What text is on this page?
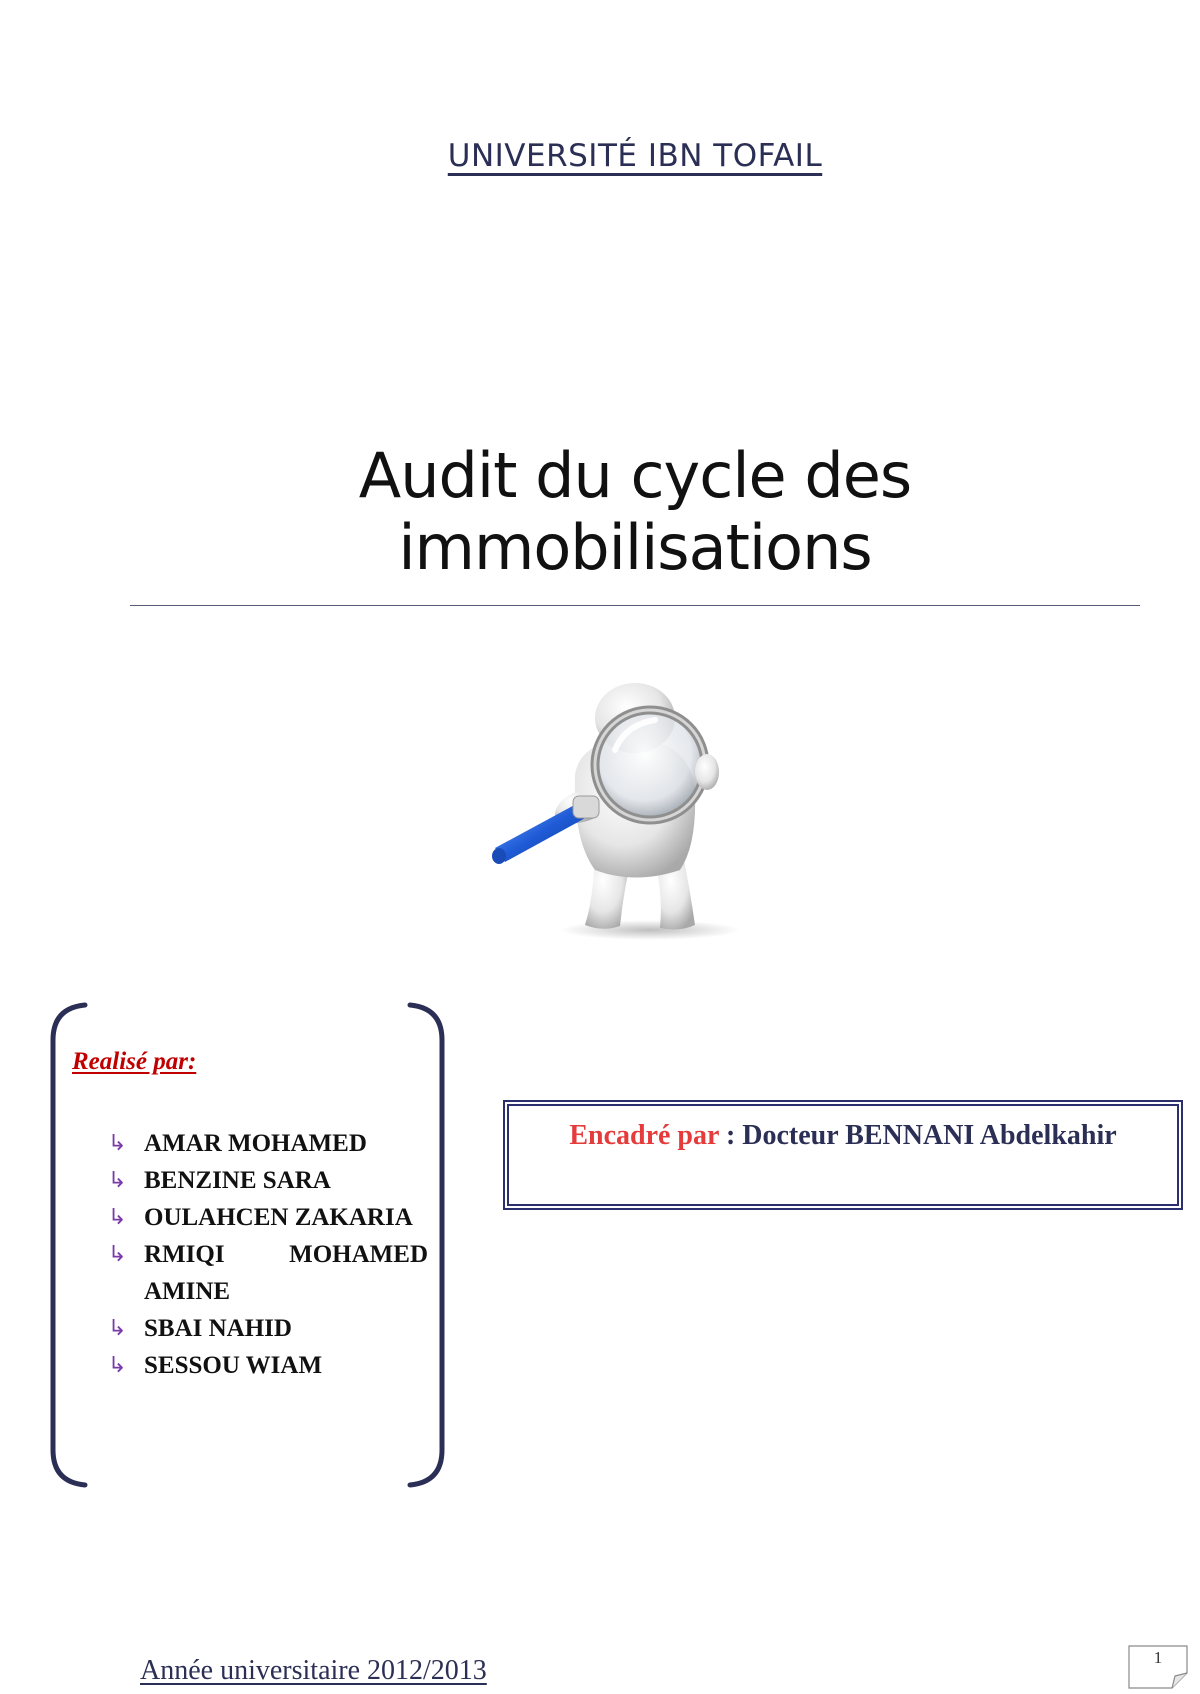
UNIVERSITÉ IBN TOFAIL
Audit du cycle des
immobilisations
Realisé par:
↳ AMAR MOHAMED
↳ BENZINE SARA
↳ OULAHCEN ZAKARIA
↳ RMIQI MOHAMED AMINE
↳ SBAI NAHID
↳ SESSOU WIAM
Encadré par : Docteur BENNANI Abdelkahir
Année universitaire 2012/2013	1
